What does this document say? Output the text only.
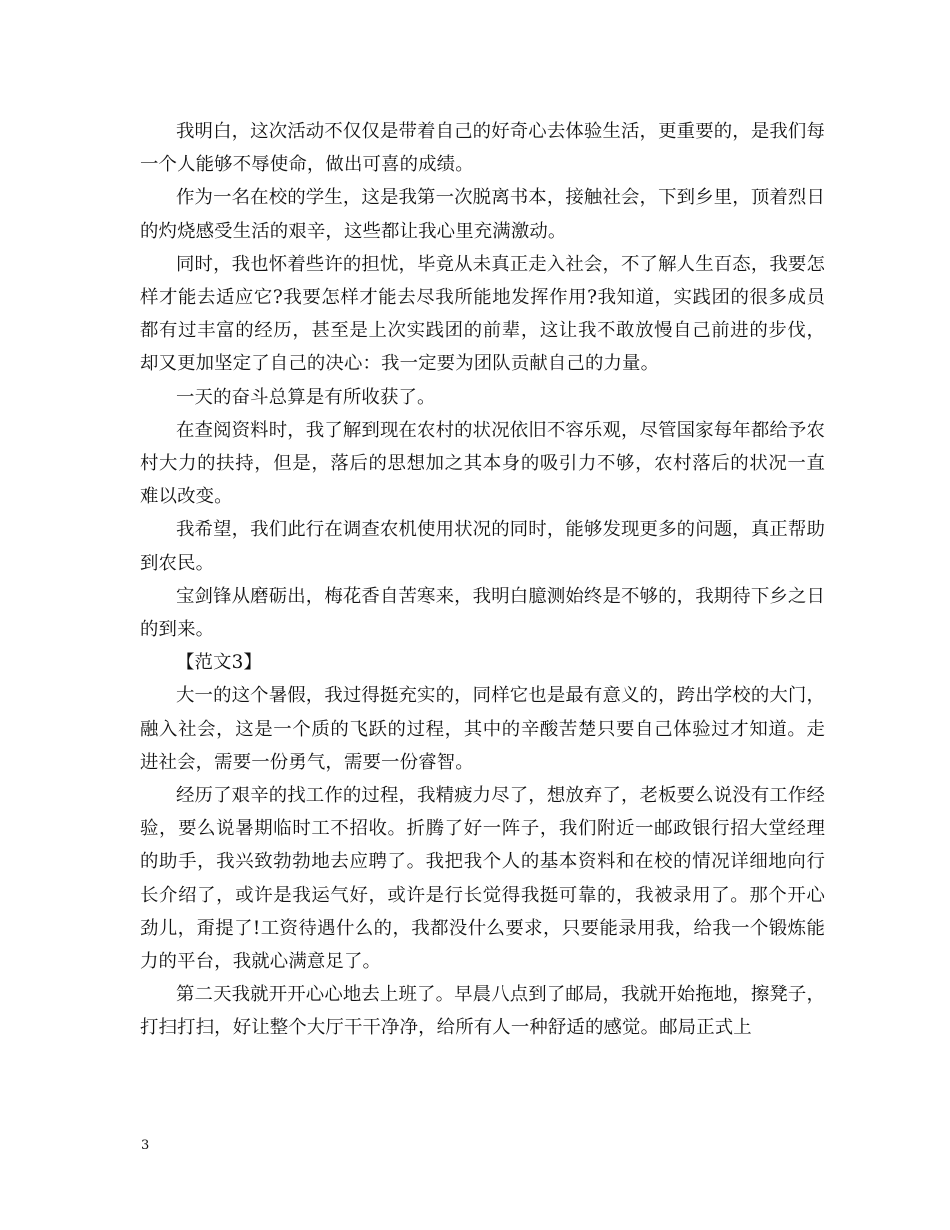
我明白，这次活动不仅仅是带着自己的好奇心去体验生活，更重要的，是我们每一个人能够不辱使命，做出可喜的成绩。

作为一名在校的学生，这是我第一次脱离书本，接触社会，下到乡里，顶着烈日的灼烧感受生活的艰辛，这些都让我心里充满激动。

同时，我也怀着些许的担忧，毕竟从未真正走入社会，不了解人生百态，我要怎样才能去适应它?我要怎样才能去尽我所能地发挥作用?我知道，实践团的很多成员都有过丰富的经历，甚至是上次实践团的前辈，这让我不敢放慢自己前进的步伐，却又更加坚定了自己的决心：我一定要为团队贡献自己的力量。

一天的奋斗总算是有所收获了。

在查阅资料时，我了解到现在农村的状况依旧不容乐观，尽管国家每年都给予农村大力的扶持，但是，落后的思想加之其本身的吸引力不够，农村落后的状况一直难以改变。

我希望，我们此行在调查农机使用状况的同时，能够发现更多的问题，真正帮助到农民。

宝剑锋从磨砺出，梅花香自苦寒来，我明白臆测始终是不够的，我期待下乡之日的到来。

【范文3】

大一的这个暑假，我过得挺充实的，同样它也是最有意义的，跨出学校的大门，融入社会，这是一个质的飞跃的过程，其中的辛酸苦楚只要自己体验过才知道。走进社会，需要一份勇气，需要一份睿智。

经历了艰辛的找工作的过程，我精疲力尽了，想放弃了，老板要么说没有工作经验，要么说暑期临时工不招收。折腾了好一阵子，我们附近一邮政银行招大堂经理的助手，我兴致勃勃地去应聘了。我把我个人的基本资料和在校的情况详细地向行长介绍了，或许是我运气好，或许是行长觉得我挺可靠的，我被录用了。那个开心劲儿，甭提了!工资待遇什么的，我都没什么要求，只要能录用我，给我一个锻炼能力的平台，我就心满意足了。

第二天我就开开心心地去上班了。早晨八点到了邮局，我就开始拖地，擦凳子，打扫打扫，好让整个大厅干干净净，给所有人一种舒适的感觉。邮局正式上

3
